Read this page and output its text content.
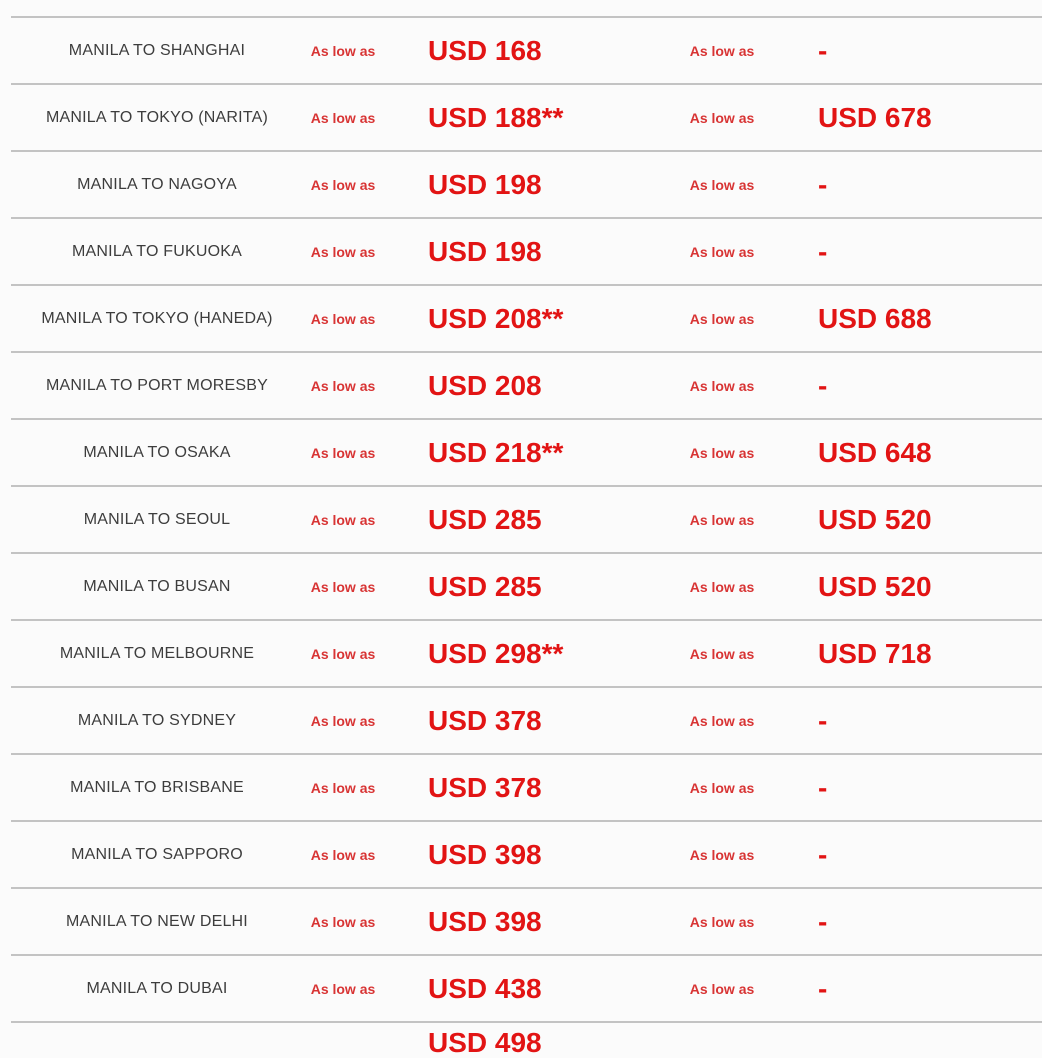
MANILA TO SHANGHAI	As low as	USD 168	As low as	-
MANILA TO TOKYO (NARITA)	As low as	USD 188**	As low as	USD 678
MANILA TO NAGOYA	As low as	USD 198	As low as	-
MANILA TO FUKUOKA	As low as	USD 198	As low as	-
MANILA TO TOKYO (HANEDA)	As low as	USD 208**	As low as	USD 688
MANILA TO PORT MORESBY	As low as	USD 208	As low as	-
MANILA TO OSAKA	As low as	USD 218**	As low as	USD 648
MANILA TO SEOUL	As low as	USD 285	As low as	USD 520
MANILA TO BUSAN	As low as	USD 285	As low as	USD 520
MANILA TO MELBOURNE	As low as	USD 298**	As low as	USD 718
MANILA TO SYDNEY	As low as	USD 378	As low as	-
MANILA TO BRISBANE	As low as	USD 378	As low as	-
MANILA TO SAPPORO	As low as	USD 398	As low as	-
MANILA TO NEW DELHI	As low as	USD 398	As low as	-
MANILA TO DUBAI	As low as	USD 438	As low as	-
USD 498
